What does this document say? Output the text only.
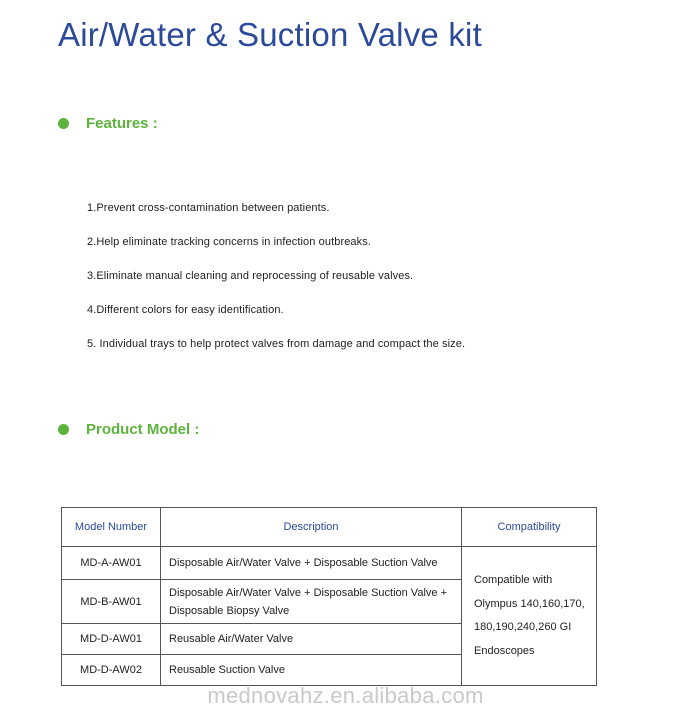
Air/Water & Suction Valve kit
Features :
1.Prevent cross-contamination between patients.
2.Help eliminate tracking concerns in infection outbreaks.
3.Eliminate manual cleaning and reprocessing of reusable valves.
4.Different colors for easy identification.
5. Individual trays to help protect valves from damage and compact the size.
Product Model :
Model Number	Description	Compatibility
MD-A-AW01	Disposable Air/Water Valve + Disposable Suction Valve	Compatible with Olympus 140,160,170, 180,190,240,260 GI Endoscopes
MD-B-AW01	Disposable Air/Water Valve + Disposable Suction Valve + Disposable Biopsy Valve	
MD-D-AW01	Reusable Air/Water Valve	
MD-D-AW02	Reusable Suction Valve	
mednovahz.en.alibaba.com
